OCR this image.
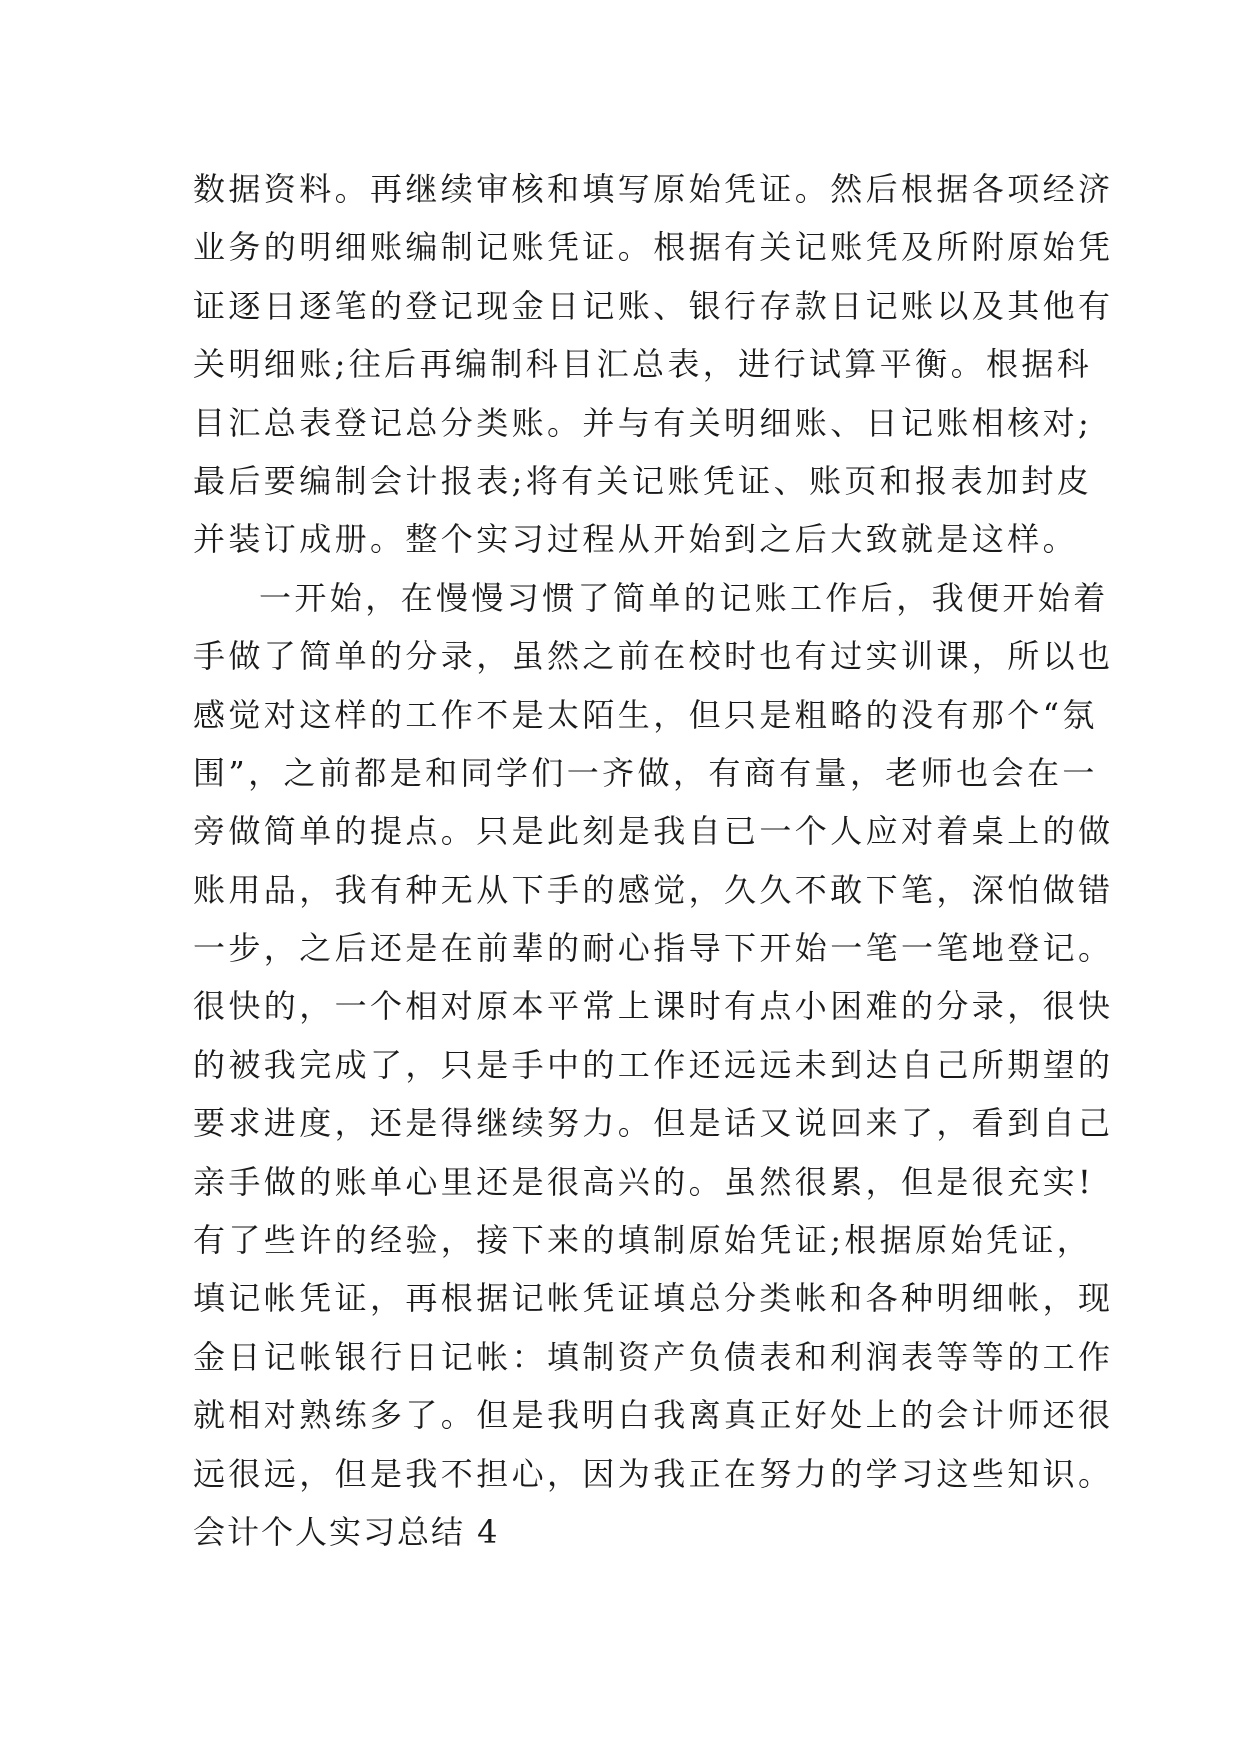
数据资料。再继续审核和填写原始凭证。然后根据各项经济
业务的明细账编制记账凭证。根据有关记账凭及所附原始凭
证逐日逐笔的登记现金日记账、银行存款日记账以及其他有
关明细账;往后再编制科目汇总表，进行试算平衡。根据科
目汇总表登记总分类账。并与有关明细账、日记账相核对;
最后要编制会计报表;将有关记账凭证、账页和报表加封皮
并装订成册。整个实习过程从开始到之后大致就是这样。
一开始，在慢慢习惯了简单的记账工作后，我便开始着
手做了简单的分录，虽然之前在校时也有过实训课，所以也
感觉对这样的工作不是太陌生，但只是粗略的没有那个“氛
围”，之前都是和同学们一齐做，有商有量，老师也会在一
旁做简单的提点。只是此刻是我自已一个人应对着桌上的做
账用品，我有种无从下手的感觉，久久不敢下笔，深怕做错
一步，之后还是在前辈的耐心指导下开始一笔一笔地登记。
很快的，一个相对原本平常上课时有点小困难的分录，很快
的被我完成了，只是手中的工作还远远未到达自己所期望的
要求进度，还是得继续努力。但是话又说回来了，看到自己
亲手做的账单心里还是很高兴的。虽然很累，但是很充实!
有了些许的经验，接下来的填制原始凭证;根据原始凭证，
填记帐凭证，再根据记帐凭证填总分类帐和各种明细帐，现
金日记帐银行日记帐：填制资产负债表和利润表等等的工作
就相对熟练多了。但是我明白我离真正好处上的会计师还很
远很远，但是我不担心，因为我正在努力的学习这些知识。
会计个人实习总结 4
